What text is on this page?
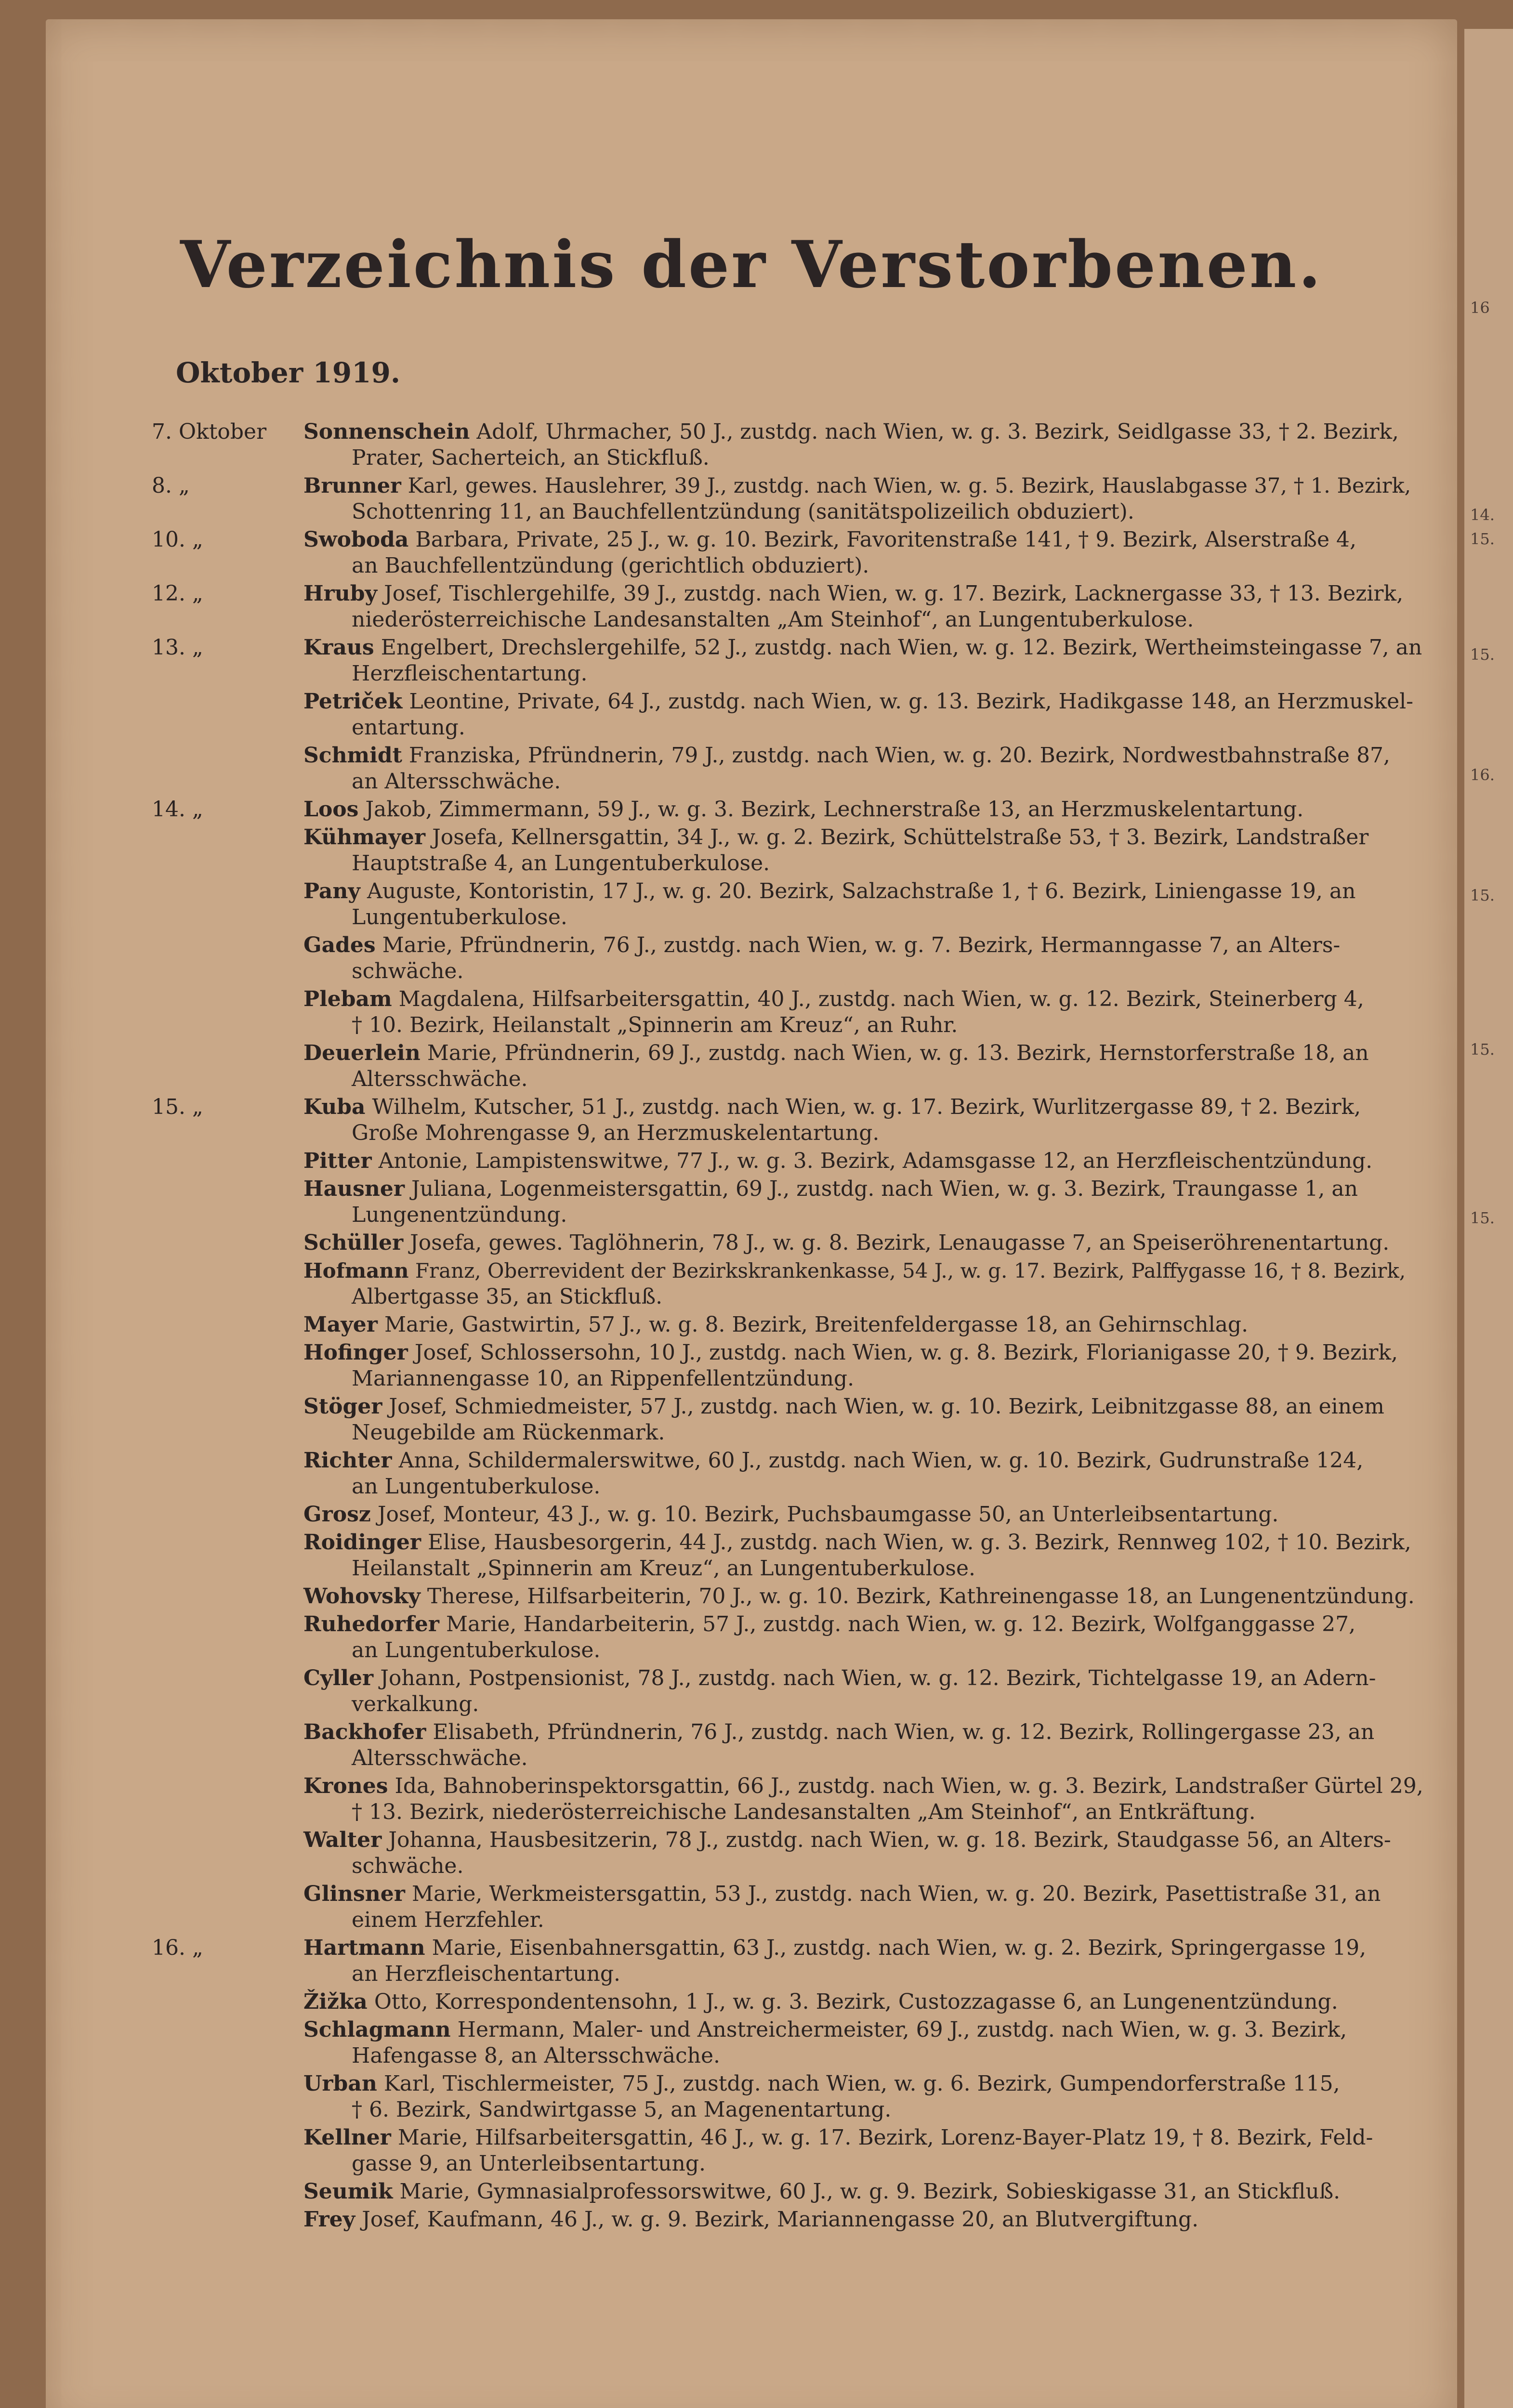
Verzeichnis der Verstorbenen.
Oktober 1919.
7. Oktober Sonnenschein Adolf, Uhrmacher, 50 J., zustdg. nach Wien, w. g. 3. Bezirk, Seidlgasse 33, † 2. Bezirk,
Prater, Sacherteich, an Stickfluß.
8. „	Brunner Karl, gewes. Hauslehrer, 39 J., zustdg. nach Wien, w. g. 5. Bezirk, Hauslabgasse 37, † 1. Bezirk,
Schottenring 11, an Bauchfellentzündung (sanitätspolizeilich obduziert).
10. „	Swoboda Barbara, Private, 25 J., w. g. 10. Bezirk, Favoritenstraße 141, † 9. Bezirk, Alserstraße 4,
an Bauchfellentzündung (gerichtlich obduziert).
12. „	Hruby Josef, Tischlergehilfe, 39 J., zustdg. nach Wien, w. g. 17. Bezirk, Lacknergasse 33, † 13. Bezirk,
niederösterreichische Landesanstalten „Am Steinhof“, an Lungentuberkulose.
13. „	Kraus Engelbert, Drechslergehilfe, 52 J., zustdg. nach Wien, w. g. 12. Bezirk, Wertheimsteingasse 7, an
Herzfleischentartung.
Petriček Leontine, Private, 64 J., zustdg. nach Wien, w. g. 13. Bezirk, Hadikgasse 148, an Herzmuskel-
entartung.
Schmidt Franziska, Pfründnerin, 79 J., zustdg. nach Wien, w. g. 20. Bezirk, Nordwestbahnstraße 87,
an Altersschwäche.
14. „	Loos Jakob, Zimmermann, 59 J., w. g. 3. Bezirk, Lechnerstraße 13, an Herzmuskelentartung.
Kühmayer Josefa, Kellnersgattin, 34 J., w. g. 2. Bezirk, Schüttelstraße 53, † 3. Bezirk, Landstraßer
Hauptstraße 4, an Lungentuberkulose.
Pany Auguste, Kontoristin, 17 J., w. g. 20. Bezirk, Salzachstraße 1, † 6. Bezirk, Liniengasse 19, an
Lungentuberkulose.
Gades Marie, Pfründnerin, 76 J., zustdg. nach Wien, w. g. 7. Bezirk, Hermanngasse 7, an Alters-
schwäche.
Plebam Magdalena, Hilfsarbeitersgattin, 40 J., zustdg. nach Wien, w. g. 12. Bezirk, Steinerberg 4,
† 10. Bezirk, Heilanstalt „Spinnerin am Kreuz“, an Ruhr.
Deuerlein Marie, Pfründnerin, 69 J., zustdg. nach Wien, w. g. 13. Bezirk, Hernstorferstraße 18, an
Altersschwäche.
15. „	Kuba Wilhelm, Kutscher, 51 J., zustdg. nach Wien, w. g. 17. Bezirk, Wurlitzergasse 89, † 2. Bezirk,
Große Mohrengasse 9, an Herzmuskelentartung.
Pitter Antonie, Lampistenswitwe, 77 J., w. g. 3. Bezirk, Adamsgasse 12, an Herzfleischentzündung.
Hausner Juliana, Logenmeistersgattin, 69 J., zustdg. nach Wien, w. g. 3. Bezirk, Traungasse 1, an
Lungenentzündung.
Schüller Josefa, gewes. Taglöhnerin, 78 J., w. g. 8. Bezirk, Lenaugasse 7, an Speiseröhrenentartung.
Hofmann Franz, Oberrevident der Bezirkskrankenkasse, 54 J., w. g. 17. Bezirk, Palffygasse 16, † 8. Bezirk,
Albertgasse 35, an Stickfluß.
Mayer Marie, Gastwirtin, 57 J., w. g. 8. Bezirk, Breitenfeldergasse 18, an Gehirnschlag.
Hofinger Josef, Schlossersohn, 10 J., zustdg. nach Wien, w. g. 8. Bezirk, Florianigasse 20, † 9. Bezirk,
Mariannengasse 10, an Rippenfellentzündung.
Stöger Josef, Schmiedmeister, 57 J., zustdg. nach Wien, w. g. 10. Bezirk, Leibnitzgasse 88, an einem
Neugebilde am Rückenmark.
Richter Anna, Schildermalerswitwe, 60 J., zustdg. nach Wien, w. g. 10. Bezirk, Gudrunstraße 124,
an Lungentuberkulose.
Grosz Josef, Monteur, 43 J., w. g. 10. Bezirk, Puchsbaumgasse 50, an Unterleibsentartung.
Roidinger Elise, Hausbesorgerin, 44 J., zustdg. nach Wien, w. g. 3. Bezirk, Rennweg 102, † 10. Bezirk,
Heilanstalt „Spinnerin am Kreuz“, an Lungentuberkulose.
Wohovsky Therese, Hilfsarbeiterin, 70 J., w. g. 10. Bezirk, Kathreinengasse 18, an Lungenentzündung.
Ruhedorfer Marie, Handarbeiterin, 57 J., zustdg. nach Wien, w. g. 12. Bezirk, Wolfganggasse 27,
an Lungentuberkulose.
Cyller Johann, Postpensionist, 78 J., zustdg. nach Wien, w. g. 12. Bezirk, Tichtelgasse 19, an Adern-
verkalkung.
Backhofer Elisabeth, Pfründnerin, 76 J., zustdg. nach Wien, w. g. 12. Bezirk, Rollingergasse 23, an
Altersschwäche.
Krones Ida, Bahnoberinspektorsgattin, 66 J., zustdg. nach Wien, w. g. 3. Bezirk, Landstraßer Gürtel 29,
† 13. Bezirk, niederösterreichische Landesanstalten „Am Steinhof“, an Entkräftung.
Walter Johanna, Hausbesitzerin, 78 J., zustdg. nach Wien, w. g. 18. Bezirk, Staudgasse 56, an Alters-
schwäche.
Glinsner Marie, Werkmeistersgattin, 53 J., zustdg. nach Wien, w. g. 20. Bezirk, Pasettistraße 31, an
einem Herzfehler.
16. „	Hartmann Marie, Eisenbahnersgattin, 63 J., zustdg. nach Wien, w. g. 2. Bezirk, Springergasse 19,
an Herzfleischentartung.
Žižka Otto, Korrespondentensohn, 1 J., w. g. 3. Bezirk, Custozzagasse 6, an Lungenentzündung.
Schlagmann Hermann, Maler- und Anstreichermeister, 69 J., zustdg. nach Wien, w. g. 3. Bezirk,
Hafengasse 8, an Altersschwäche.
Urban Karl, Tischlermeister, 75 J., zustdg. nach Wien, w. g. 6. Bezirk, Gumpendorferstraße 115,
† 6. Bezirk, Sandwirtgasse 5, an Magenentartung.
Kellner Marie, Hilfsarbeitersgattin, 46 J., w. g. 17. Bezirk, Lorenz-Bayer-Platz 19, † 8. Bezirk, Feld-
gasse 9, an Unterleibsentartung.
Seumik Marie, Gymnasialprofessorswitwe, 60 J., w. g. 9. Bezirk, Sobieskigasse 31, an Stickfluß.
Frey Josef, Kaufmann, 46 J., w. g. 9. Bezirk, Mariannengasse 20, an Blutvergiftung.
16
14.
15.
15.
16.
15.
15.
15.
